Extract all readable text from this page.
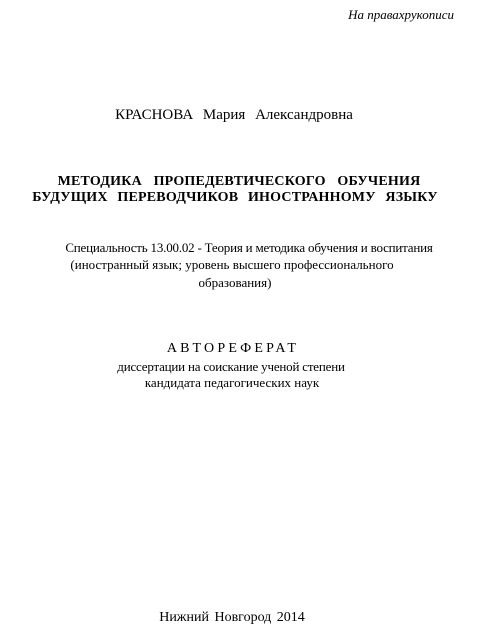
На правахрукописи
КРАСНОВА Мария Александровна
МЕТОДИКА ПРОПЕДЕВТИЧЕСКОГО ОБУЧЕНИЯ
БУДУЩИХ ПЕРЕВОДЧИКОВ ИНОСТРАННОМУ ЯЗЫКУ
Специальность 13.00.02 - Теория и методика обучения и воспитания
(иностранный язык; уровень высшего профессионального
образования)
АВТОРЕФЕРАТ
диссертации на соискание ученой степени
кандидата педагогических наук
Нижний Новгород 2014
